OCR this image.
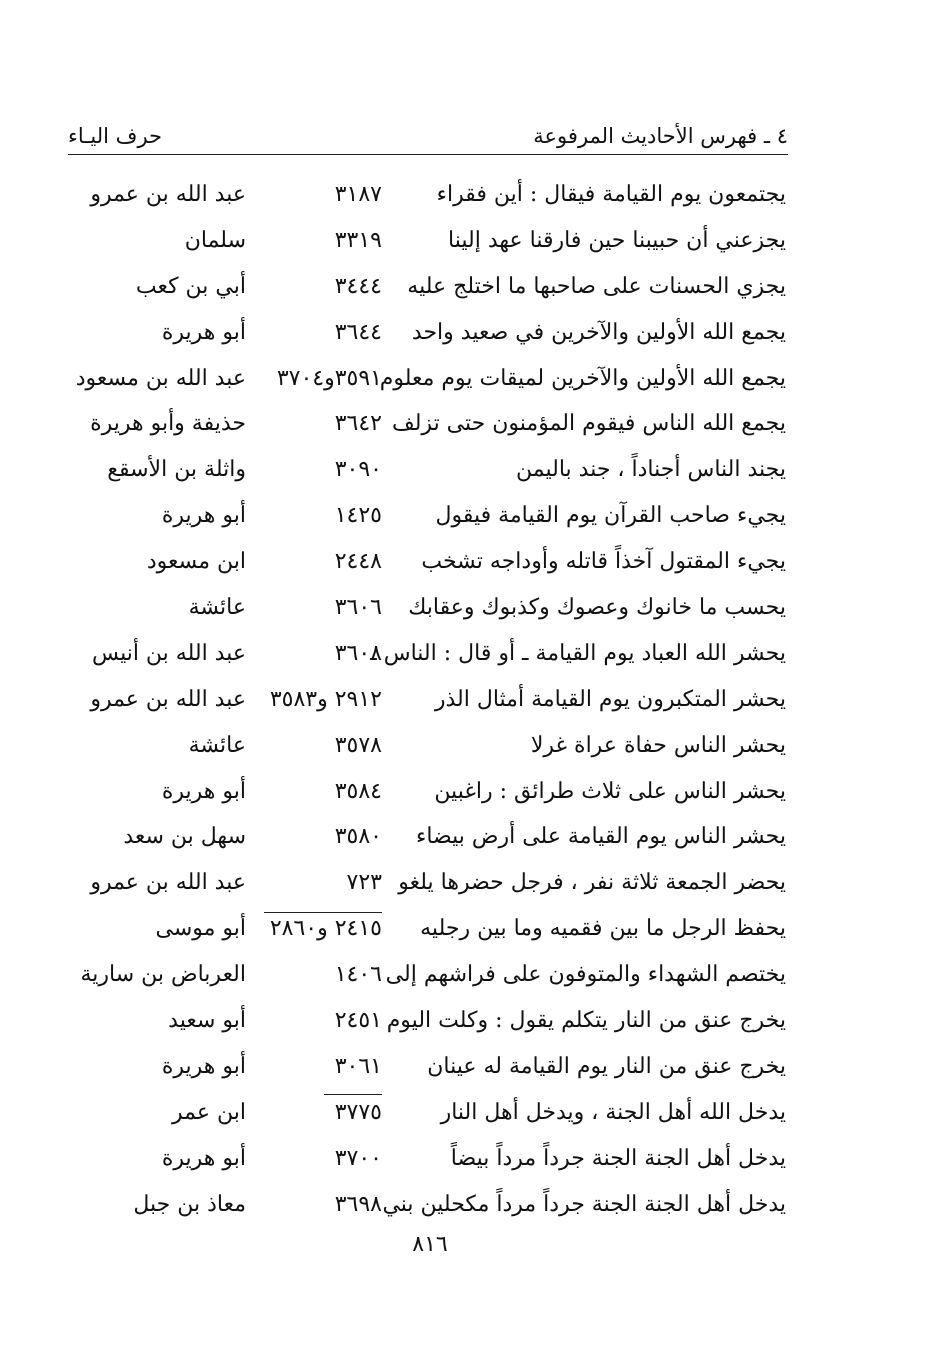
٤ ـ فهرس الأحاديث المرفوعة
حرف اليـاء
يجتمعون يوم القيامة فيقال : أين فقراء
٣١٨٧
عبد الله بن عمرو
يجزعني أن حبيبنا حين فارقنا عهد إلينا
٣٣١٩
سلمان
يجزي الحسنات على صاحبها ما اختلج عليه
٣٤٤٤
أبي بن كعب
يجمع الله الأولين والآخرين في صعيد واحد
٣٦٤٤
أبو هريرة
يجمع الله الأولين والآخرين لميقات يوم معلوم
٣٥٩١و٣٧٠٤
عبد الله بن مسعود
يجمع الله الناس فيقوم المؤمنون حتى تزلف
٣٦٤٢
حذيفة وأبو هريرة
يجند الناس أجناداً ، جند باليمن
٣٠٩٠
واثلة بن الأسقع
يجيء صاحب القرآن يوم القيامة فيقول
١٤٢٥
أبو هريرة
يجيء المقتول آخذاً قاتله وأوداجه تشخب
٢٤٤٨
ابن مسعود
يحسب ما خانوك وعصوك وكذبوك وعقابك
٣٦٠٦
عائشة
يحشر الله العباد يوم القيامة ـ أو قال : الناس ـ
٣٦٠٨
عبد الله بن أنيس
يحشر المتكبرون يوم القيامة أمثال الذر
٢٩١٢ و٣٥٨٣
عبد الله بن عمرو
يحشر الناس حفاة عراة غرلا
٣٥٧٨
عائشة
يحشر الناس على ثلاث طرائق : راغبين
٣٥٨٤
أبو هريرة
يحشر الناس يوم القيامة على أرض بيضاء
٣٥٨٠
سهل بن سعد
يحضر الجمعة ثلاثة نفر ، فرجل حضرها يلغو
٧٢٣
عبد الله بن عمرو
يحفظ الرجل ما بين فقميه وما بين رجليه
٢٤١٥ و٢٨٦٠
أبو موسى
يختصم الشهداء والمتوفون على فراشهم إلى
١٤٠٦
العرباض بن سارية
يخرج عنق من النار يتكلم يقول : وكلت اليوم
٢٤٥١
أبو سعيد
يخرج عنق من النار يوم القيامة له عينان
٣٠٦١
أبو هريرة
يدخل الله أهل الجنة ، ويدخل أهل النار
٣٧٧٥
ابن عمر
يدخل أهل الجنة الجنة جرداً مرداً بيضاً
٣٧٠٠
أبو هريرة
يدخل أهل الجنة الجنة جرداً مرداً مكحلين بني
٣٦٩٨
معاذ بن جبل
٨١٦
